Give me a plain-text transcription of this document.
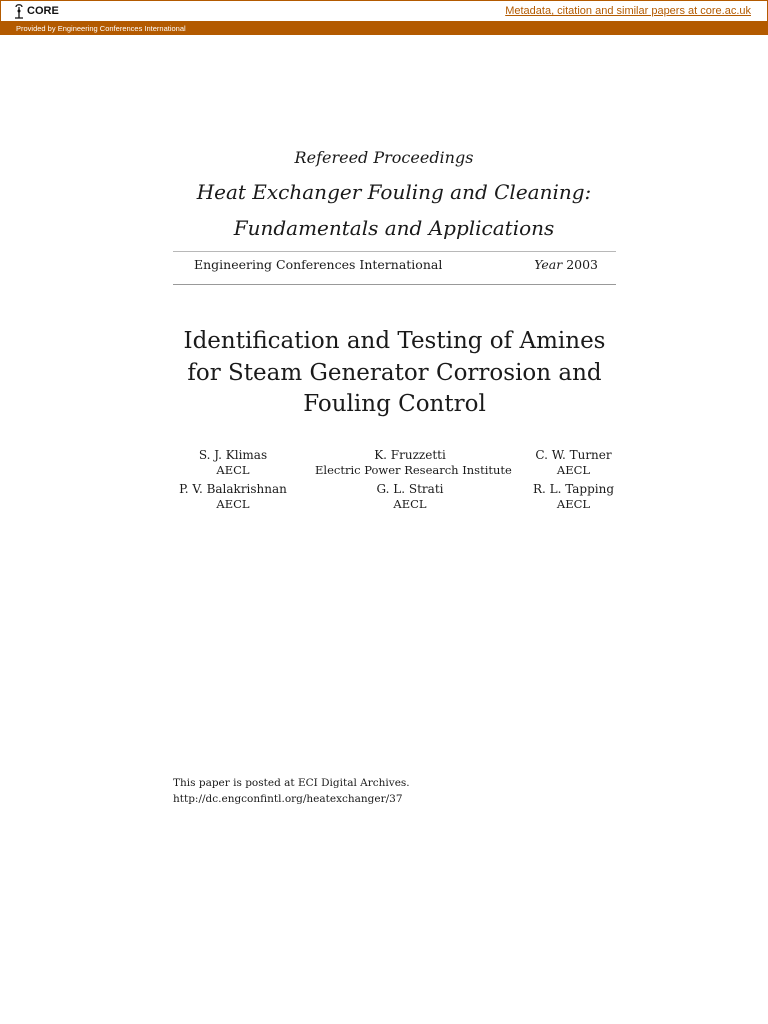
CORE	Metadata, citation and similar papers at core.ac.uk
Provided by Engineering Conferences International
Refereed Proceedings
Heat Exchanger Fouling and Cleaning:
Fundamentals and Applications
Engineering Conferences International	Year 2003
Identification and Testing of Amines for Steam Generator Corrosion and Fouling Control
S. J. Klimas
AECL
K. Fruzzetti
Electric Power Research Institute
C. W. Turner
AECL
P. V. Balakrishnan
AECL
G. L. Strati
AECL
R. L. Tapping
AECL
This paper is posted at ECI Digital Archives.
http://dc.engconfintl.org/heatexchanger/37
